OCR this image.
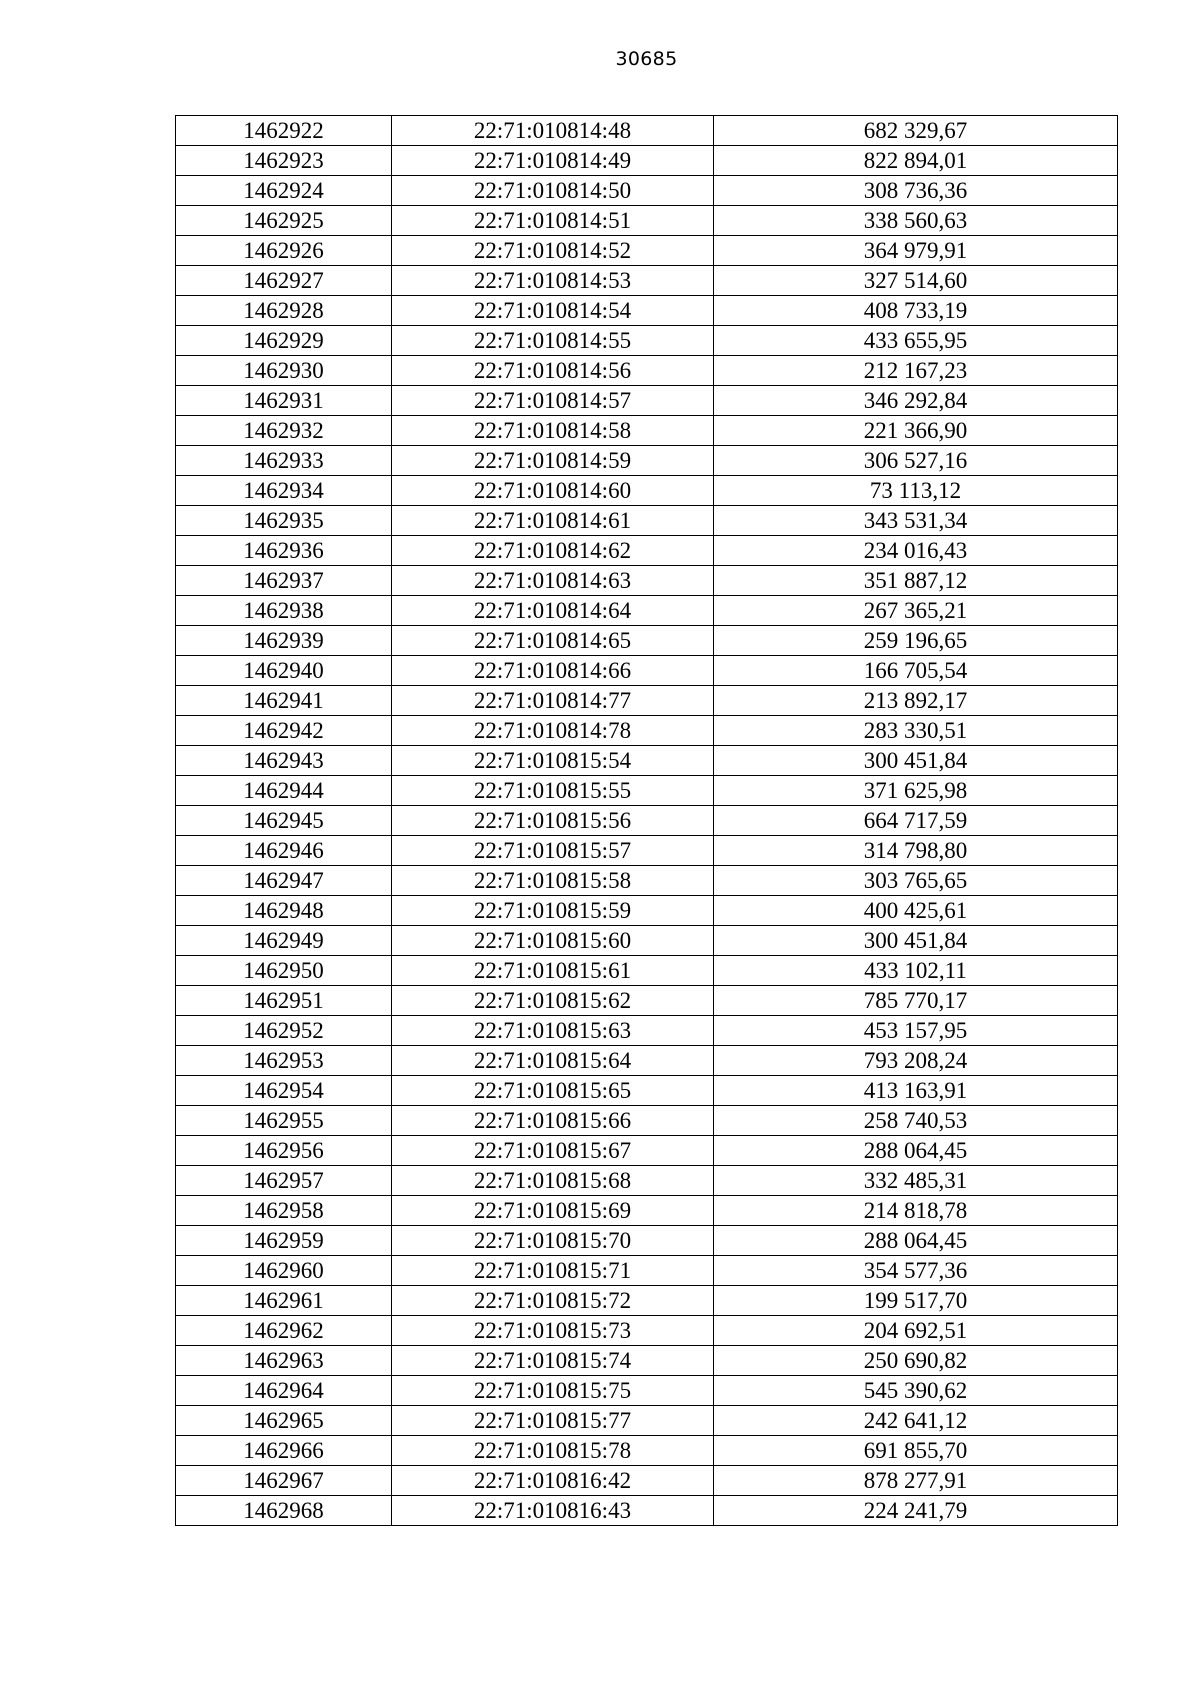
30685
1462922	22:71:010814:48	682 329,67
1462923	22:71:010814:49	822 894,01
1462924	22:71:010814:50	308 736,36
1462925	22:71:010814:51	338 560,63
1462926	22:71:010814:52	364 979,91
1462927	22:71:010814:53	327 514,60
1462928	22:71:010814:54	408 733,19
1462929	22:71:010814:55	433 655,95
1462930	22:71:010814:56	212 167,23
1462931	22:71:010814:57	346 292,84
1462932	22:71:010814:58	221 366,90
1462933	22:71:010814:59	306 527,16
1462934	22:71:010814:60	73 113,12
1462935	22:71:010814:61	343 531,34
1462936	22:71:010814:62	234 016,43
1462937	22:71:010814:63	351 887,12
1462938	22:71:010814:64	267 365,21
1462939	22:71:010814:65	259 196,65
1462940	22:71:010814:66	166 705,54
1462941	22:71:010814:77	213 892,17
1462942	22:71:010814:78	283 330,51
1462943	22:71:010815:54	300 451,84
1462944	22:71:010815:55	371 625,98
1462945	22:71:010815:56	664 717,59
1462946	22:71:010815:57	314 798,80
1462947	22:71:010815:58	303 765,65
1462948	22:71:010815:59	400 425,61
1462949	22:71:010815:60	300 451,84
1462950	22:71:010815:61	433 102,11
1462951	22:71:010815:62	785 770,17
1462952	22:71:010815:63	453 157,95
1462953	22:71:010815:64	793 208,24
1462954	22:71:010815:65	413 163,91
1462955	22:71:010815:66	258 740,53
1462956	22:71:010815:67	288 064,45
1462957	22:71:010815:68	332 485,31
1462958	22:71:010815:69	214 818,78
1462959	22:71:010815:70	288 064,45
1462960	22:71:010815:71	354 577,36
1462961	22:71:010815:72	199 517,70
1462962	22:71:010815:73	204 692,51
1462963	22:71:010815:74	250 690,82
1462964	22:71:010815:75	545 390,62
1462965	22:71:010815:77	242 641,12
1462966	22:71:010815:78	691 855,70
1462967	22:71:010816:42	878 277,91
1462968	22:71:010816:43	224 241,79
